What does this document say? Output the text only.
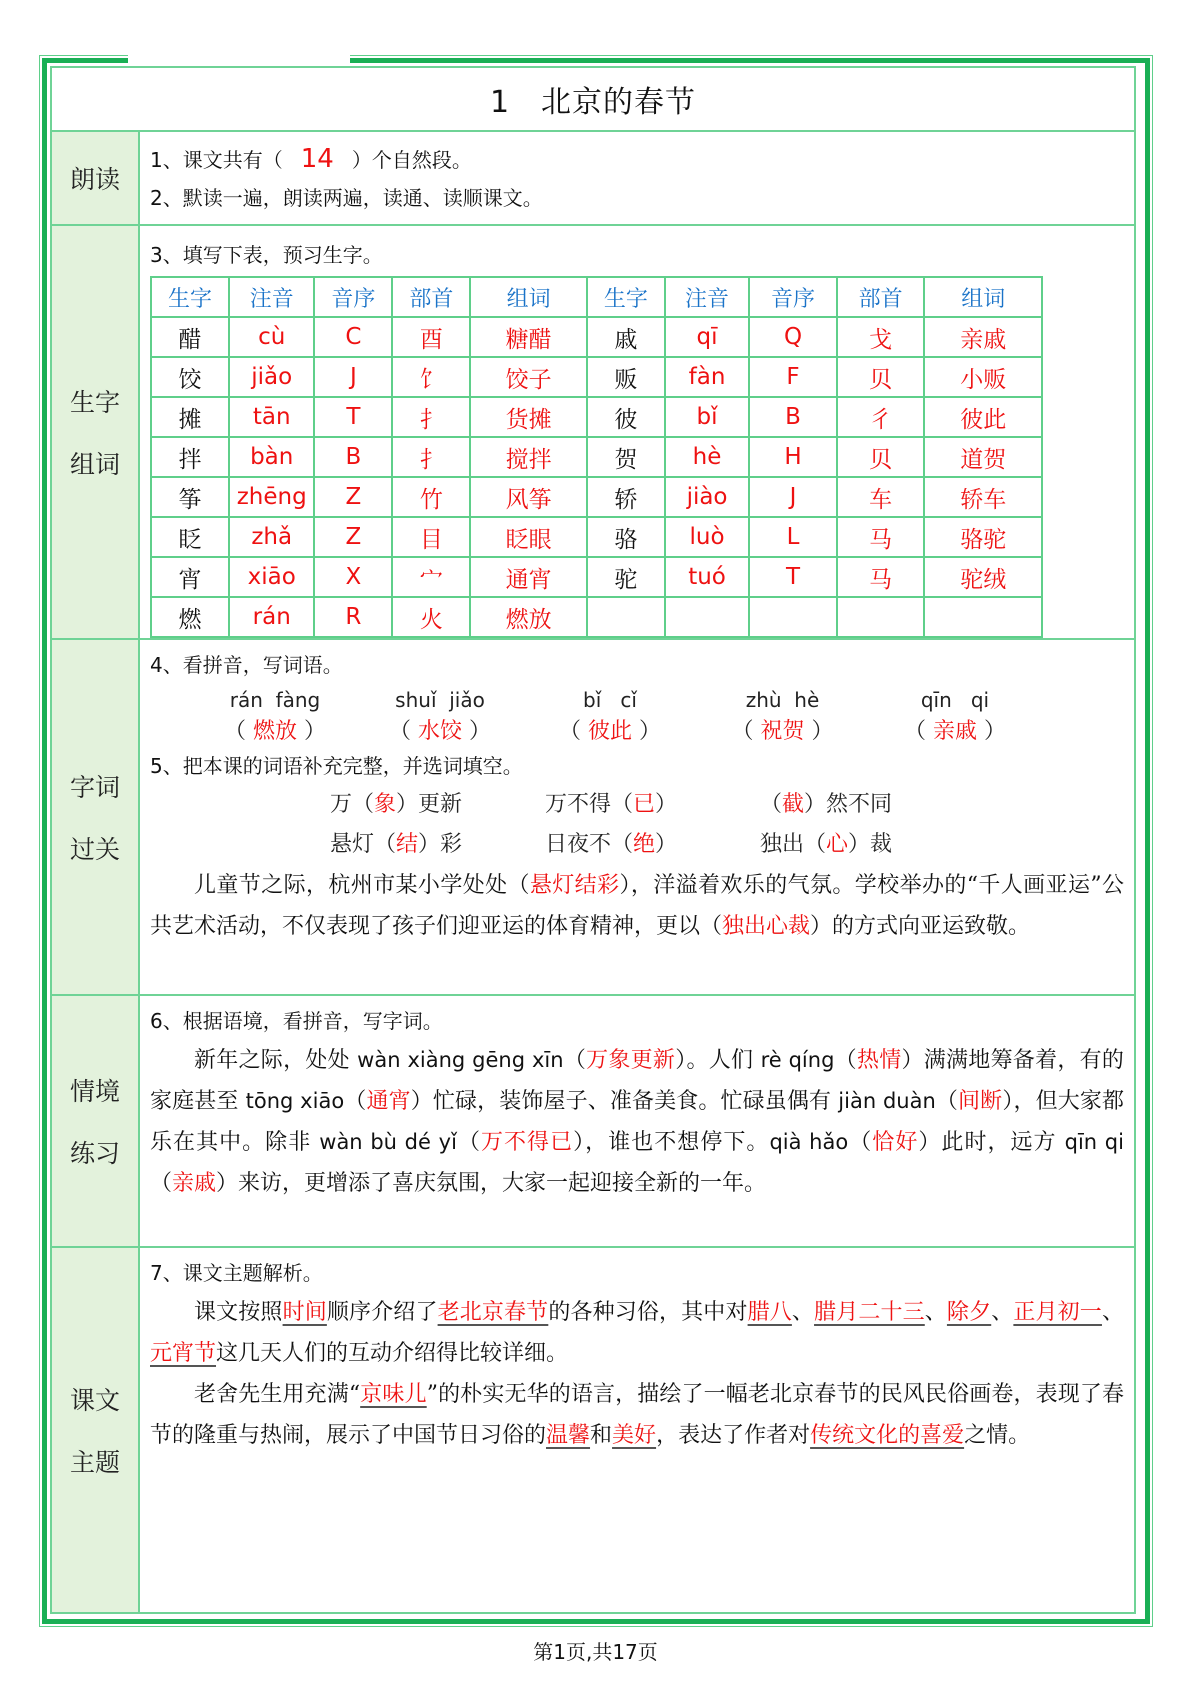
1　北京的春节
朗读
1、课文共有（ 14 ）个自然段。
2、默读一遍，朗读两遍，读通、读顺课文。
生字
组词
3、填写下表，预习生字。
生字	注音	音序	部首	组词	生字	注音	音序	部首	组词
醋	cù	C	酉	糖醋	戚	qī	Q	戈	亲戚
饺	jiǎo	J	饣	饺子	贩	fàn	F	贝	小贩
摊	tān	T	扌	货摊	彼	bǐ	B	彳	彼此
拌	bàn	B	扌	搅拌	贺	hè	H	贝	道贺
筝	zhēng	Z	竹	风筝	轿	jiào	J	车	轿车
眨	zhǎ	Z	目	眨眼	骆	luò	L	马	骆驼
宵	xiāo	X	宀	通宵	驼	tuó	T	马	驼绒
燃	rán	R	火	燃放					
字词
过关
4、看拼音，写词语。
rán  fàng	shuǐ  jiǎo	bǐ   cǐ	zhù  hè	qīn   qi
（ 燃放 ）	（ 水饺 ）	（ 彼此 ）	（ 祝贺 ）	（ 亲戚 ）
5、把本课的词语补充完整，并选词填空。
万（象）更新	万不得（已）	（截）然不同
悬灯（结）彩	日夜不（绝）	独出（心）裁
儿童节之际，杭州市某小学处处（悬灯结彩），洋溢着欢乐的气氛。学校举办的“千人画亚运”公共艺术活动，不仅表现了孩子们迎亚运的体育精神，更以（独出心裁）的方式向亚运致敬。
情境
练习
6、根据语境，看拼音，写字词。
新年之际，处处 wàn xiàng gēng xīn（万象更新）。人们 rè qíng（热情）满满地筹备着，有的家庭甚至 tōng xiāo（通宵）忙碌，装饰屋子、准备美食。忙碌虽偶有 jiàn duàn（间断），但大家都乐在其中。除非 wàn bù dé yǐ（万不得已），谁也不想停下。qià hǎo（恰好）此时，远方 qīn qi（亲戚）来访，更增添了喜庆氛围，大家一起迎接全新的一年。
课文
主题
7、课文主题解析。
课文按照时间顺序介绍了老北京春节的各种习俗，其中对腊八、腊月二十三、除夕、正月初一、元宵节这几天人们的互动介绍得比较详细。
老舍先生用充满“京味儿”的朴实无华的语言，描绘了一幅老北京春节的民风民俗画卷，表现了春节的隆重与热闹，展示了中国节日习俗的温馨和美好，表达了作者对传统文化的喜爱之情。
第1页,共17页
